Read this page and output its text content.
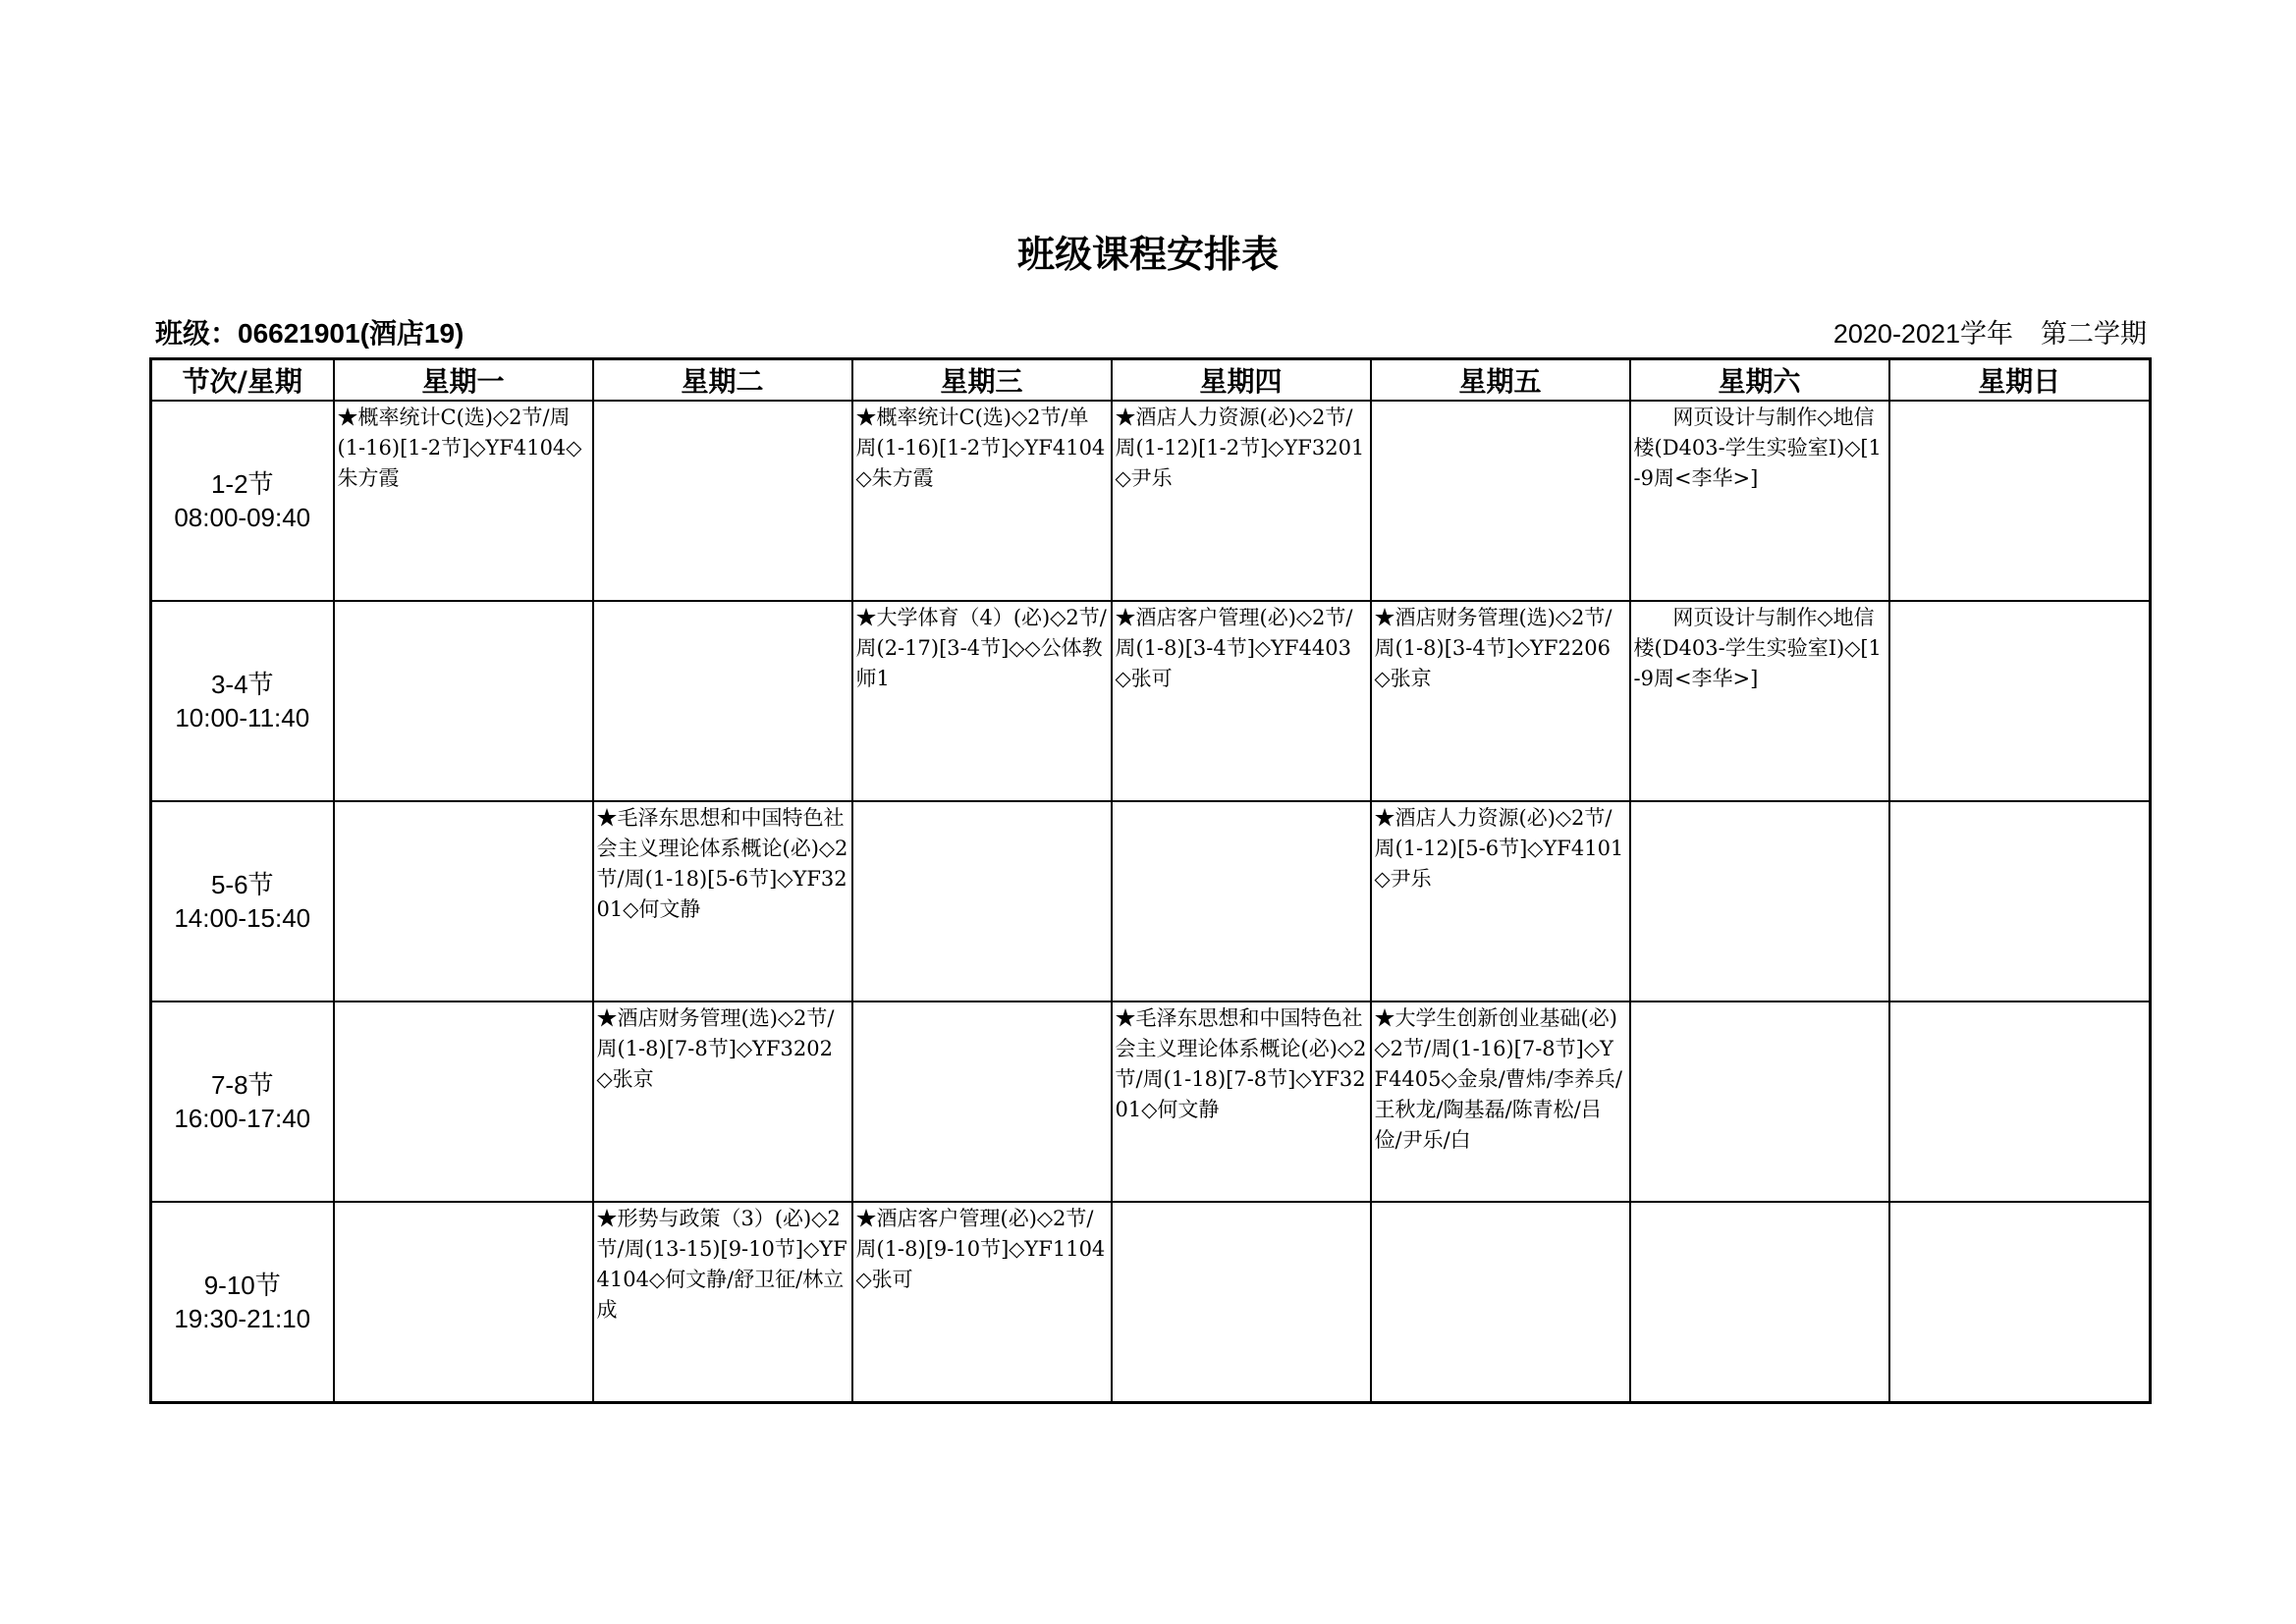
班级课程安排表
班级：06621901(酒店19)	2020-2021学年 第二学期
节次/星期	星期一	星期二	星期三	星期四	星期五	星期六	星期日

1-2节
08:00-09:40	★概率统计C(选)◇2节/周(1-16)[1-2节]◇YF4104◇朱方霞		★概率统计C(选)◇2节/单周(1-16)[1-2节]◇YF4104◇朱方霞	★酒店人力资源(必)◇2节/周(1-12)[1-2节]◇YF3201◇尹乐		网页设计与制作◇地信楼(D403-学生实验室Ⅰ)◇[1-9周<李华>]	

3-4节
10:00-11:40			★大学体育（4）(必)◇2节/周(2-17)[3-4节]◇◇公体教师1	★酒店客户管理(必)◇2节/周(1-8)[3-4节]◇YF4403◇张可	★酒店财务管理(选)◇2节/周(1-8)[3-4节]◇YF2206◇张京	网页设计与制作◇地信楼(D403-学生实验室Ⅰ)◇[1-9周<李华>]	

5-6节
14:00-15:40		★毛泽东思想和中国特色社会主义理论体系概论(必)◇2节/周(1-18)[5-6节]◇YF3201◇何文静			★酒店人力资源(必)◇2节/周(1-12)[5-6节]◇YF4101◇尹乐		

7-8节
16:00-17:40		★酒店财务管理(选)◇2节/周(1-8)[7-8节]◇YF3202◇张京		★毛泽东思想和中国特色社会主义理论体系概论(必)◇2节/周(1-18)[7-8节]◇YF3201◇何文静	★大学生创新创业基础(必)◇2节/周(1-16)[7-8节]◇YF4405◇金泉/曹炜/李养兵/王秋龙/陶基磊/陈青松/吕俭/尹乐/白		

9-10节
19:30-21:10		★形势与政策（3）(必)◇2节/周(13-15)[9-10节]◇YF4104◇何文静/舒卫征/林立成	★酒店客户管理(必)◇2节/周(1-8)[9-10节]◇YF1104◇张可				
